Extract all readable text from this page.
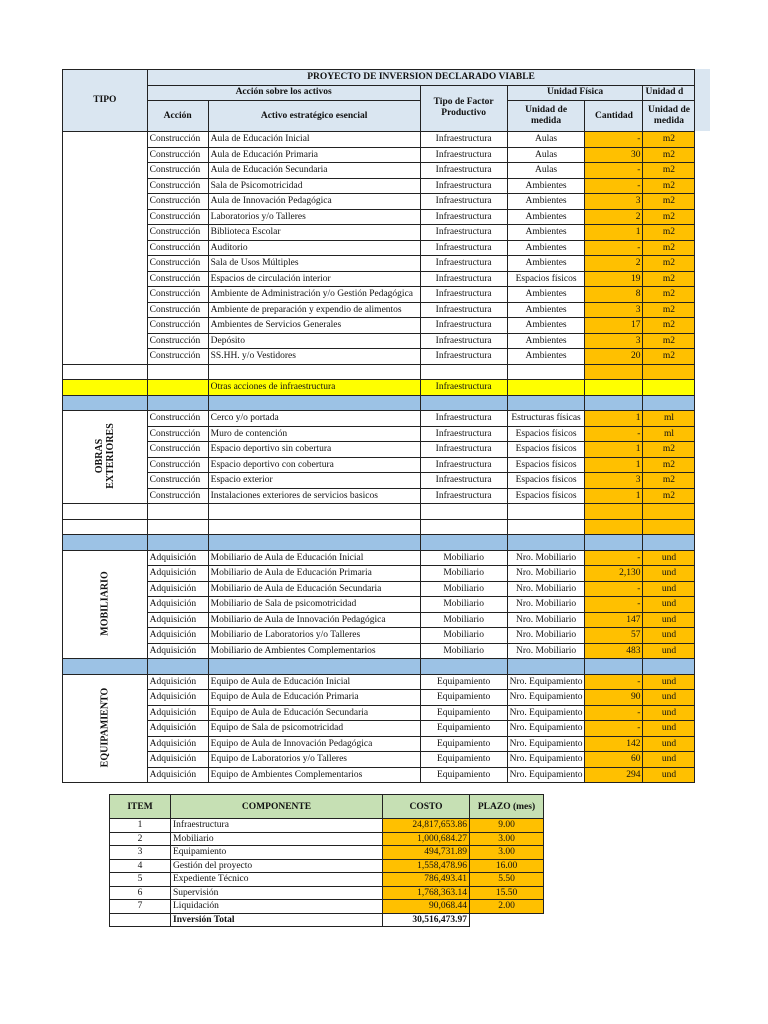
TIPO	PROYECTO DE INVERSION DECLARADO VIABLE					
	Acción sobre los activos		Tipo de Factor Productivo	Unidad Física		Unidad d
	Acción	Activo estratégico esencial		Unidad de medida	Cantidad	Unidad de medida
	Construcción	Aula de Educación Inicial	Infraestructura	Aulas	-	m2
	Construcción	Aula de Educación Primaria	Infraestructura	Aulas	30	m2
	Construcción	Aula de Educación Secundaria	Infraestructura	Aulas	-	m2
	Construcción	Sala de Psicomotricidad	Infraestructura	Ambientes	-	m2
	Construcción	Aula de Innovación Pedagógica	Infraestructura	Ambientes	3	m2
	Construcción	Laboratorios y/o Talleres	Infraestructura	Ambientes	2	m2
	Construcción	Biblioteca Escolar	Infraestructura	Ambientes	1	m2
	Construcción	Auditorio	Infraestructura	Ambientes	-	m2
	Construcción	Sala de Usos Múltiples	Infraestructura	Ambientes	2	m2
	Construcción	Espacios de circulación interior	Infraestructura	Espacios físicos	19	m2
	Construcción	Ambiente de Administración y/o Gestión Pedagógica	Infraestructura	Ambientes	8	m2
	Construcción	Ambiente de preparación y expendio de alimentos	Infraestructura	Ambientes	3	m2
	Construcción	Ambientes de Servicios Generales	Infraestructura	Ambientes	17	m2
	Construcción	Depósito	Infraestructura	Ambientes	3	m2
	Construcción	SS.HH. y/o Vestidores	Infraestructura	Ambientes	20	m2

		Otras acciones de infraestructura	Infraestructura			

OBRAS EXTERIORES	Construcción	Cerco y/o portada	Infraestructura	Estructuras físicas	1	ml
	Construcción	Muro de contención	Infraestructura	Espacios físicos	-	ml
	Construcción	Espacio deportivo sin cobertura	Infraestructura	Espacios físicos	1	m2
	Construcción	Espacio deportivo con cobertura	Infraestructura	Espacios físicos	1	m2
	Construcción	Espacio exterior	Infraestructura	Espacios físicos	3	m2
	Construcción	Instalaciones exteriores de servicios basicos	Infraestructura	Espacios físicos	1	m2

MOBILIARIO	Adquisición	Mobiliario de Aula de Educación Inicial	Mobiliario	Nro. Mobiliario	-	und
	Adquisición	Mobiliario de Aula de Educación Primaria	Mobiliario	Nro. Mobiliario	2,130	und
	Adquisición	Mobiliario de Aula de Educación Secundaria	Mobiliario	Nro. Mobiliario	-	und
	Adquisición	Mobiliario de Sala de psicomotricidad	Mobiliario	Nro. Mobiliario	-	und
	Adquisición	Mobiliario de Aula de Innovación Pedagógica	Mobiliario	Nro. Mobiliario	147	und
	Adquisición	Mobiliario de Laboratorios y/o Talleres	Mobiliario	Nro. Mobiliario	57	und
	Adquisición	Mobiliario de Ambientes Complementarios	Mobiliario	Nro. Mobiliario	483	und

EQUIPAMIENTO	Adquisición	Equipo de Aula de Educación Inicial	Equipamiento	Nro. Equipamiento	-	und
	Adquisición	Equipo de Aula de Educación Primaria	Equipamiento	Nro. Equipamiento	90	und
	Adquisición	Equipo de Aula de Educación Secundaria	Equipamiento	Nro. Equipamiento	-	und
	Adquisición	Equipo de Sala de psicomotricidad	Equipamiento	Nro. Equipamiento	-	und
	Adquisición	Equipo de Aula de Innovación Pedagógica	Equipamiento	Nro. Equipamiento	142	und
	Adquisición	Equipo de Laboratorios y/o Talleres	Equipamiento	Nro. Equipamiento	60	und
	Adquisición	Equipo de Ambientes Complementarios	Equipamiento	Nro. Equipamiento	294	und
ITEM	COMPONENTE	COSTO	PLAZO (mes)
1	Infraestructura	24,817,653.86	9.00
2	Mobiliario	1,000,684.27	3.00
3	Equipamiento	494,731.89	3.00
4	Gestión del proyecto	1,558,478.96	16.00
5	Expediente Técnico	786,493.41	5.50
6	Supervisión	1,768,363.14	15.50
7	Liquidación	90,068.44	2.00
	Inversión Total	30,516,473.97	
